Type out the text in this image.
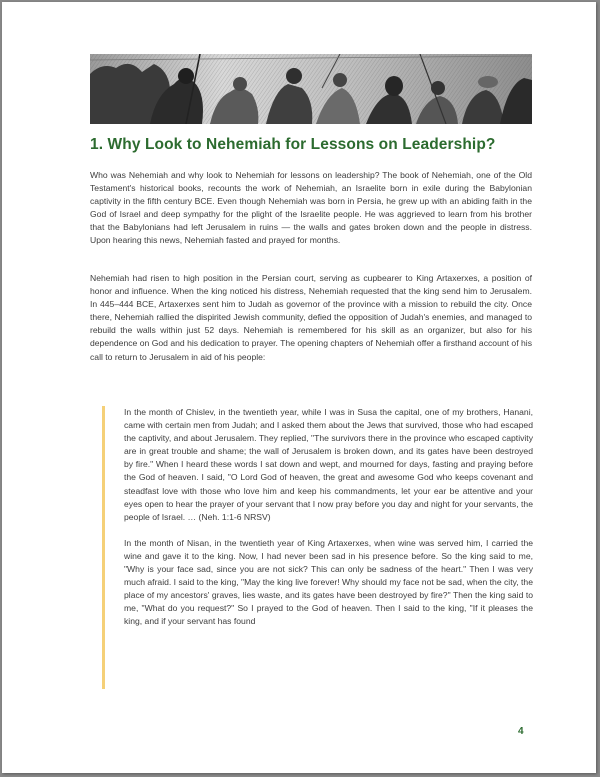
1. Why Look to Nehemiah for Lessons on Leadership?

Who was Nehemiah and why look to Nehemiah for lessons on leadership? The book of Nehemiah, one of the Old Testament's historical books, recounts the work of Nehemiah, an Israelite born in exile during the Babylonian captivity in the fifth century BCE. Even though Nehemiah was born in Persia, he grew up with an abiding faith in the God of Israel and deep sympathy for the plight of the Israelite people. He was aggrieved to learn from his brother that the Babylonians had left Jerusalem in ruins — the walls and gates broken down and the people in distress. Upon hearing this news, Nehemiah fasted and prayed for months.

Nehemiah had risen to high position in the Persian court, serving as cupbearer to King Artaxerxes, a position of honor and influence. When the king noticed his distress, Nehemiah requested that the king send him to Jerusalem. In 445–444 BCE, Artaxerxes sent him to Judah as governor of the province with a mission to rebuild the city. Once there, Nehemiah rallied the dispirited Jewish community, defied the opposition of Judah's enemies, and managed to rebuild the walls within just 52 days. Nehemiah is remembered for his skill as an organizer, but also for his dependence on God and his dedication to prayer. The opening chapters of Nehemiah offer a firsthand account of his call to return to Jerusalem in aid of his people:

In the month of Chislev, in the twentieth year, while I was in Susa the capital, one of my brothers, Hanani, came with certain men from Judah; and I asked them about the Jews that survived, those who had escaped the captivity, and about Jerusalem. They replied, "The survivors there in the province who escaped captivity are in great trouble and shame; the wall of Jerusalem is broken down, and its gates have been destroyed by fire." When I heard these words I sat down and wept, and mourned for days, fasting and praying before the God of heaven. I said, "O Lord God of heaven, the great and awesome God who keeps covenant and steadfast love with those who love him and keep his commandments, let your ear be attentive and your eyes open to hear the prayer of your servant that I now pray before you day and night for your servants, the people of Israel. … (Neh. 1:1-6 NRSV)

In the month of Nisan, in the twentieth year of King Artaxerxes, when wine was served him, I carried the wine and gave it to the king. Now, I had never been sad in his presence before. So the king said to me, "Why is your face sad, since you are not sick? This can only be sadness of the heart." Then I was very much afraid. I said to the king, "May the king live forever! Why should my face not be sad, when the city, the place of my ancestors' graves, lies waste, and its gates have been destroyed by fire?" Then the king said to me, "What do you request?" So I prayed to the God of heaven. Then I said to the king, "If it pleases the king, and if your servant has found

4
